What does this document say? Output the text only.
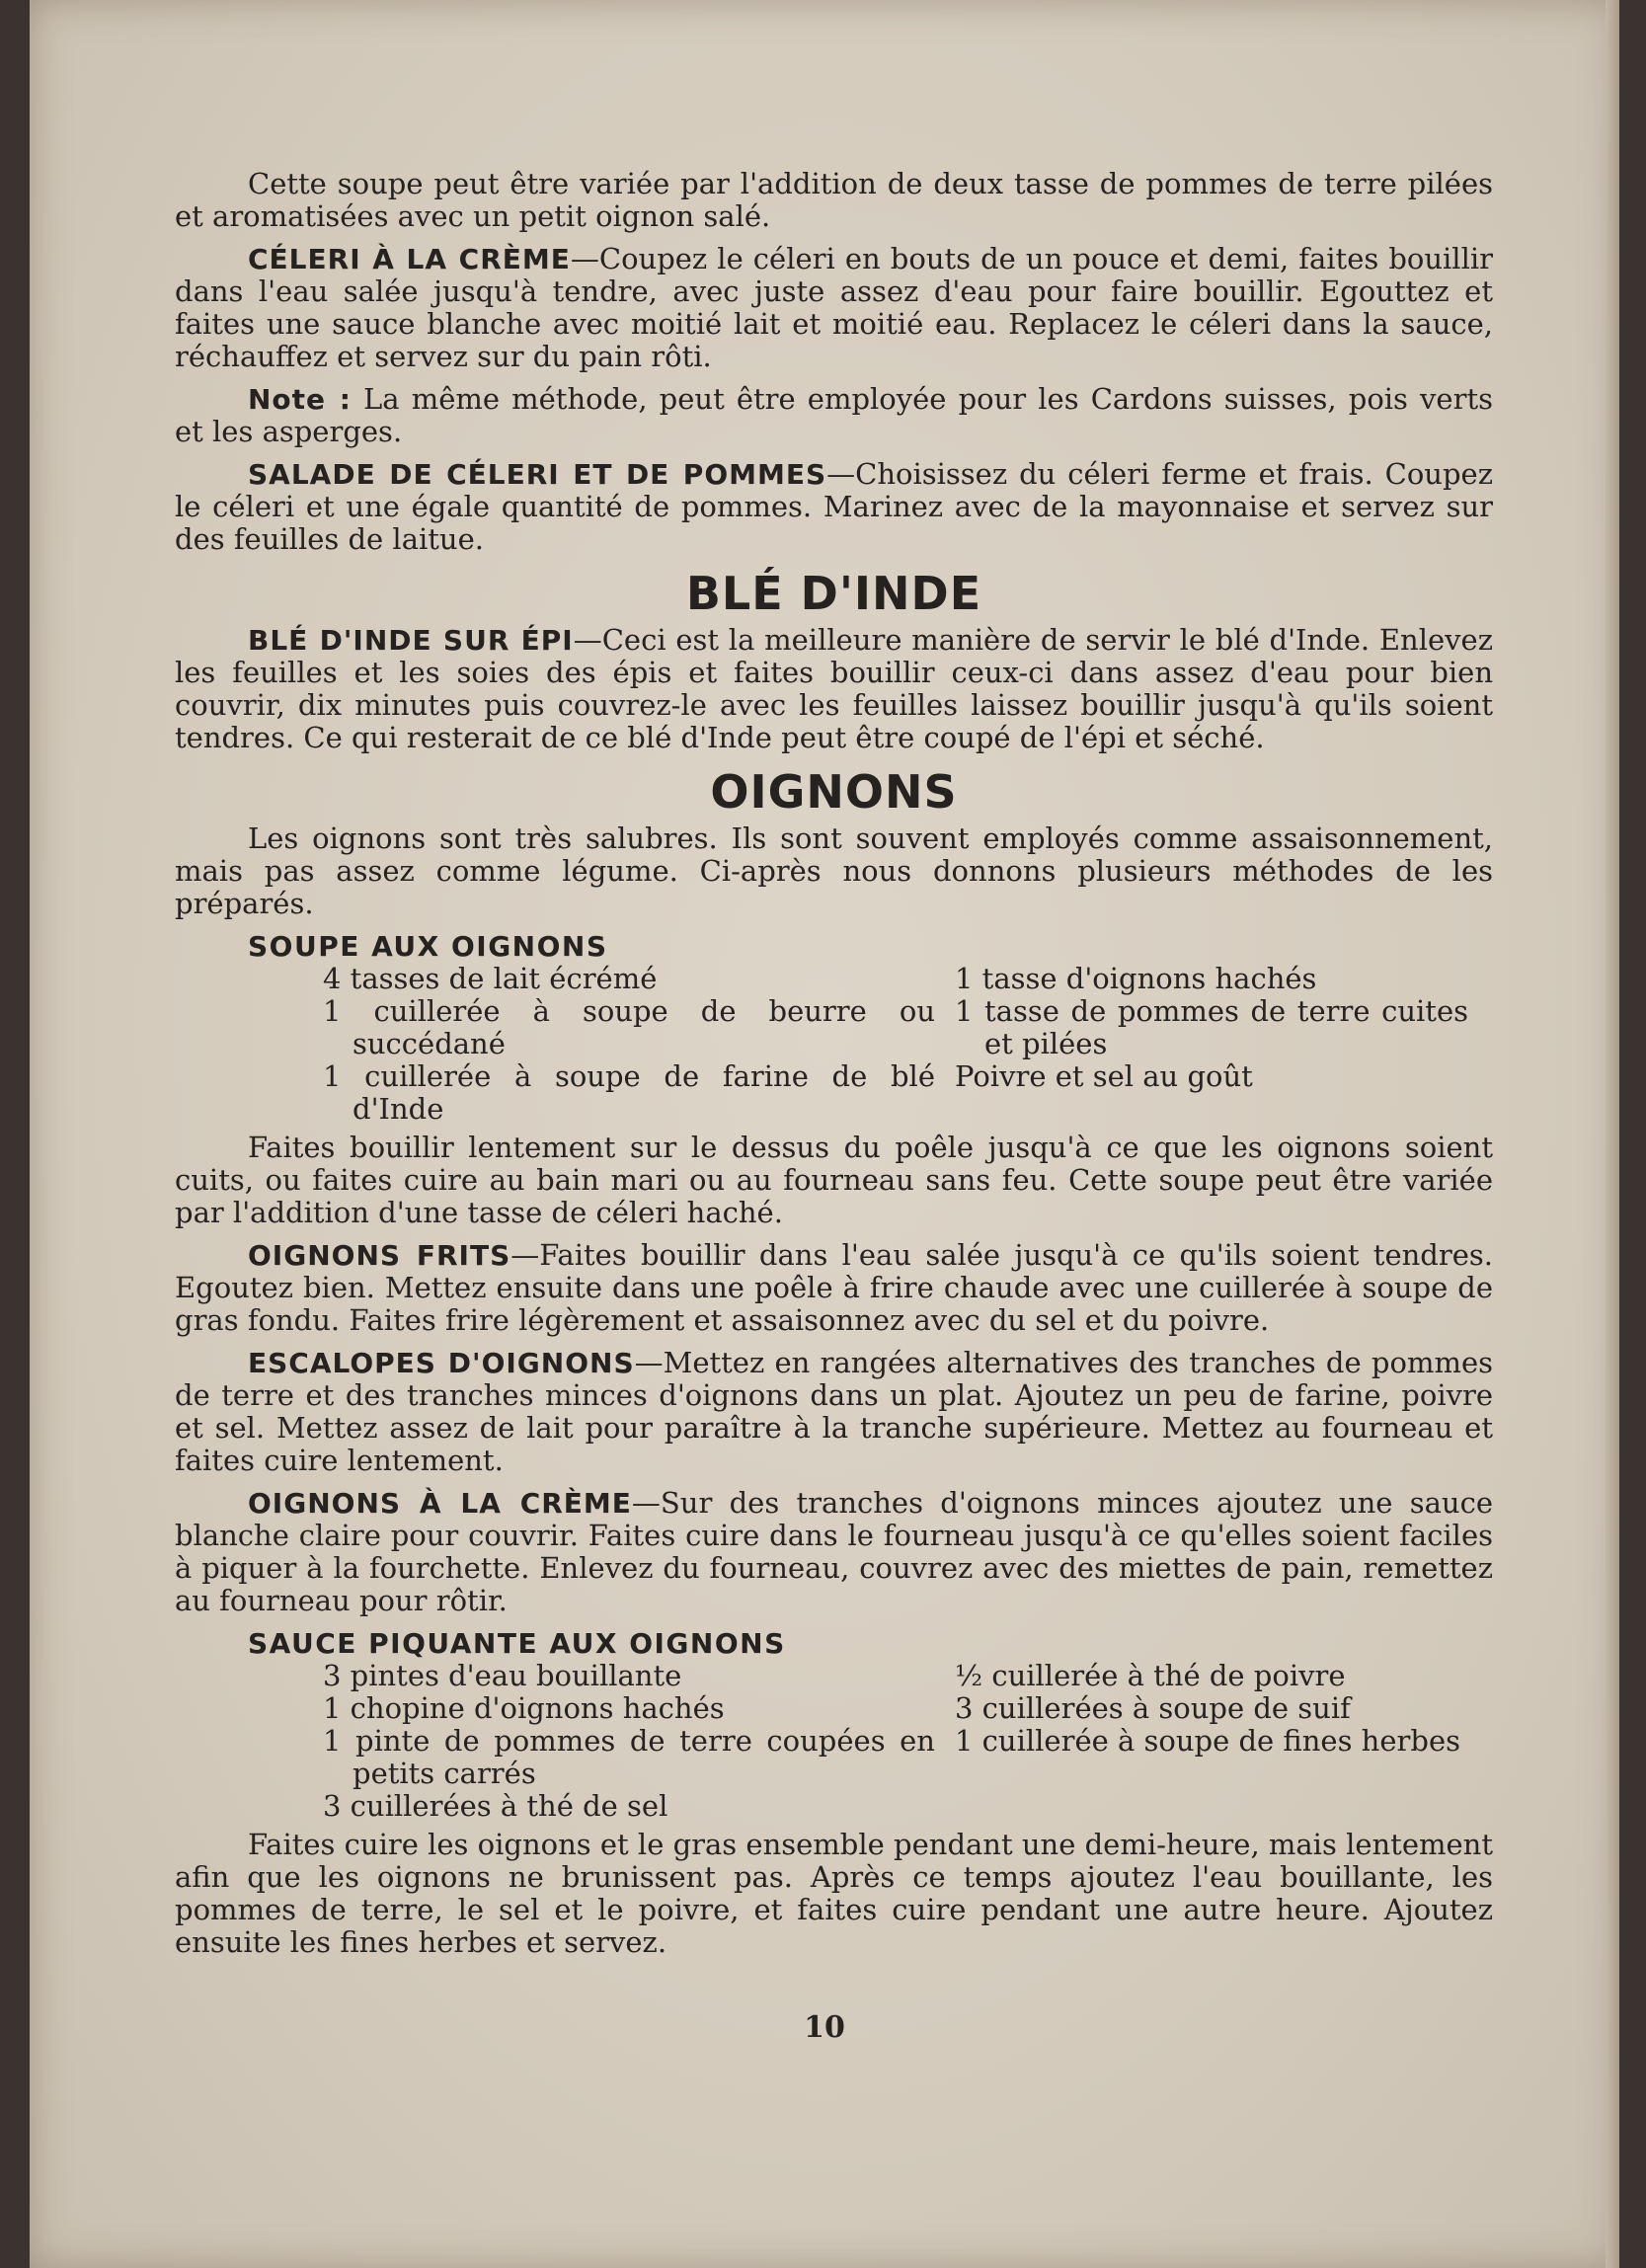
Cette soupe peut être variée par l'addition de deux tasse de pommes de terre pilées et aromatisées avec un petit oignon salé.

CÉLERI À LA CRÈME—Coupez le céleri en bouts de un pouce et demi, faites bouillir dans l'eau salée jusqu'à tendre, avec juste assez d'eau pour faire bouillir. Egouttez et faites une sauce blanche avec moitié lait et moitié eau. Replacez le céleri dans la sauce, réchauffez et servez sur du pain rôti.

Note : La même méthode, peut être employée pour les Cardons suisses, pois verts et les asperges.

SALADE DE CÉLERI ET DE POMMES—Choisissez du céleri ferme et frais. Coupez le céleri et une égale quantité de pommes. Marinez avec de la mayonnaise et servez sur des feuilles de laitue.

BLÉ D'INDE

BLÉ D'INDE SUR ÉPI—Ceci est la meilleure manière de servir le blé d'Inde. Enlevez les feuilles et les soies des épis et faites bouillir ceux-ci dans assez d'eau pour bien couvrir, dix minutes puis couvrez-le avec les feuilles laissez bouillir jusqu'à qu'ils soient tendres. Ce qui resterait de ce blé d'Inde peut être coupé de l'épi et séché.

OIGNONS

Les oignons sont très salubres. Ils sont souvent employés comme assaisonnement, mais pas assez comme légume. Ci-après nous donnons plusieurs méthodes de les préparés.

SOUPE AUX OIGNONS

4 tasses de lait écrémé

1 cuillerée à soupe de beurre ou succédané

1 cuillerée à soupe de farine de blé d'Inde

1 tasse d'oignons hachés

1 tasse de pommes de terre cuites et pilées

Poivre et sel au goût

Faites bouillir lentement sur le dessus du poêle jusqu'à ce que les oignons soient cuits, ou faites cuire au bain mari ou au fourneau sans feu. Cette soupe peut être variée par l'addition d'une tasse de céleri haché.

OIGNONS FRITS—Faites bouillir dans l'eau salée jusqu'à ce qu'ils soient tendres. Egoutez bien. Mettez ensuite dans une poêle à frire chaude avec une cuillerée à soupe de gras fondu. Faites frire légèrement et assaisonnez avec du sel et du poivre.

ESCALOPES D'OIGNONS—Mettez en rangées alternatives des tranches de pommes de terre et des tranches minces d'oignons dans un plat. Ajoutez un peu de farine, poivre et sel. Mettez assez de lait pour paraître à la tranche supérieure. Mettez au fourneau et faites cuire lentement.

OIGNONS À LA CRÈME—Sur des tranches d'oignons minces ajoutez une sauce blanche claire pour couvrir. Faites cuire dans le fourneau jusqu'à ce qu'elles soient faciles à piquer à la fourchette. Enlevez du fourneau, couvrez avec des miettes de pain, remettez au fourneau pour rôtir.

SAUCE PIQUANTE AUX OIGNONS

3 pintes d'eau bouillante

1 chopine d'oignons hachés

1 pinte de pommes de terre coupées en petits carrés

3 cuillerées à thé de sel

½ cuillerée à thé de poivre

3 cuillerées à soupe de suif

1 cuillerée à soupe de fines herbes

Faites cuire les oignons et le gras ensemble pendant une demi-heure, mais lentement afin que les oignons ne brunissent pas. Après ce temps ajoutez l'eau bouillante, les pommes de terre, le sel et le poivre, et faites cuire pendant une autre heure. Ajoutez ensuite les fines herbes et servez.

10
